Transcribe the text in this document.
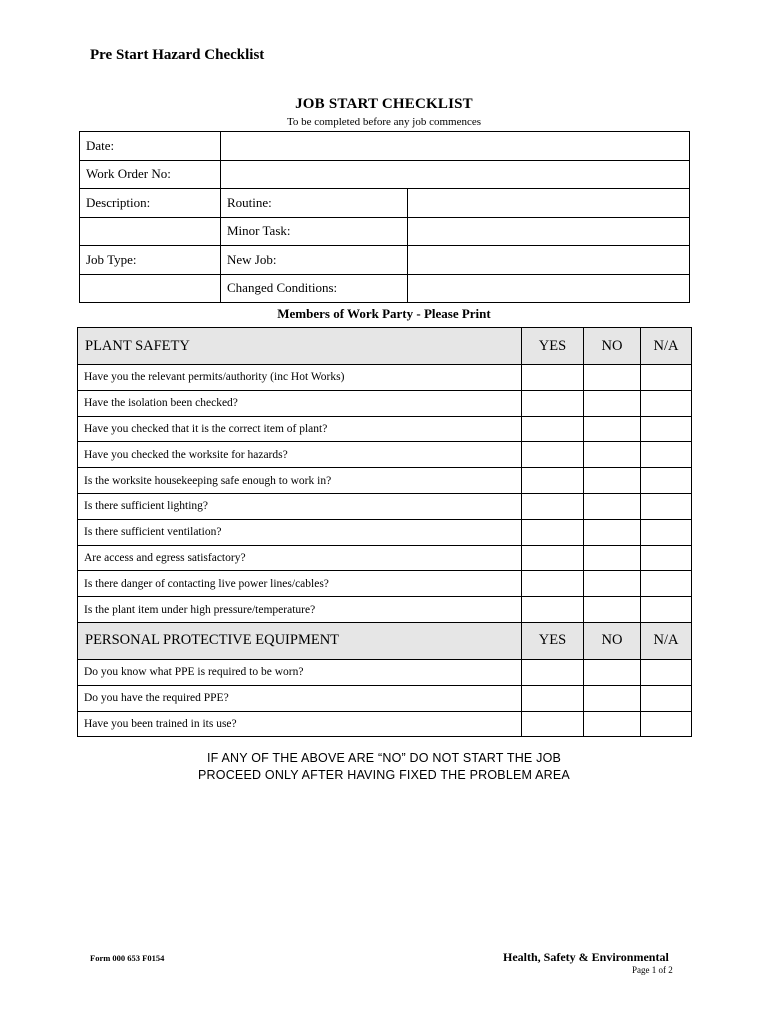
Pre Start Hazard Checklist
JOB START CHECKLIST
To be completed before any job commences
Date:		
Work Order No:		
Description:	Routine:	
	Minor Task:	
Job Type:	New Job:	
	Changed Conditions:	
Members of Work Party - Please Print
PLANT SAFETY	YES	NO	N/A
Have you the relevant permits/authority (inc Hot Works)			
Have the isolation been checked?			
Have you checked that it is the correct item of plant?			
Have you checked the worksite for hazards?			
Is the worksite housekeeping safe enough to work in?			
Is there sufficient lighting?			
Is there sufficient ventilation?			
Are access and egress satisfactory?			
Is there danger of contacting live power lines/cables?			
Is the plant item under high pressure/temperature?			
PERSONAL PROTECTIVE EQUIPMENT	YES	NO	N/A
Do you know what PPE is required to be worn?			
Do you have the required PPE?			
Have you been trained in its use?			
IF ANY OF THE ABOVE ARE “NO” DO NOT START THE JOB
PROCEED ONLY AFTER HAVING FIXED THE PROBLEM AREA
Form 000 653 F0154	Health, Safety & Environmental
Page 1 of 2
